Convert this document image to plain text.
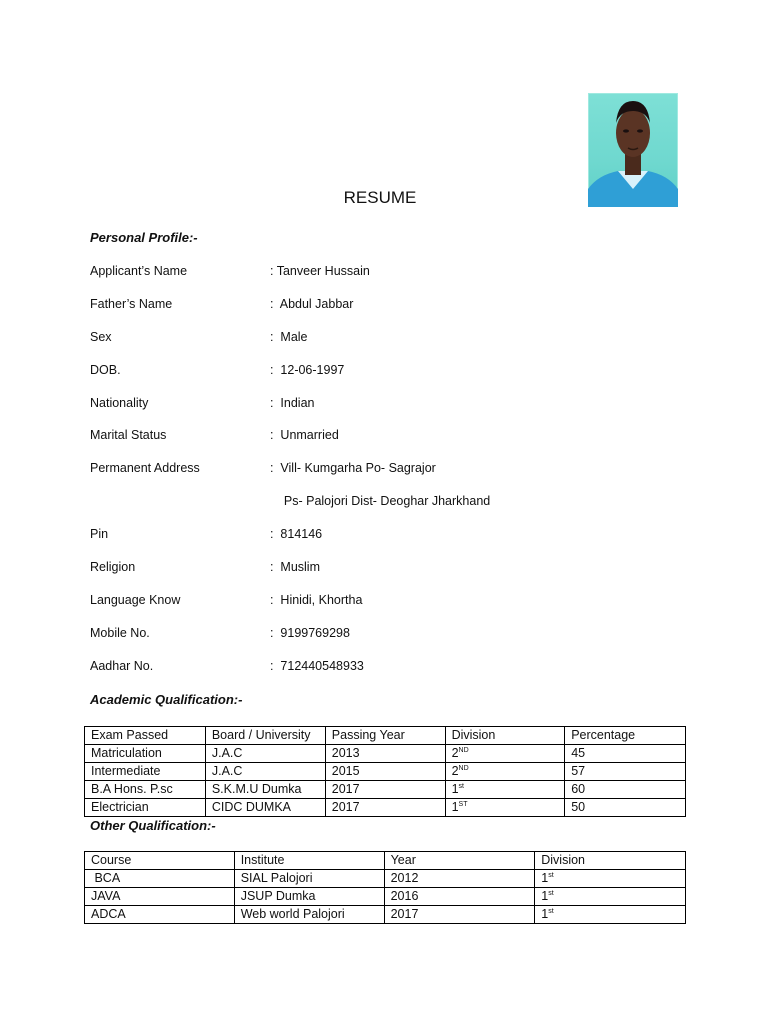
RESUME
Personal Profile:-
Applicant’s Name	: Tanveer Hussain
Father’s Name	:  Abdul Jabbar
Sex	:  Male
DOB.	:  12-06-1997
Nationality	:  Indian
Marital Status	:  Unmarried
Permanent Address	:  Vill- Kumgarha Po- Sagrajor
Ps- Palojori Dist- Deoghar Jharkhand
Pin	:  814146
Religion	:  Muslim
Language Know	:  Hinidi, Khortha
Mobile No.	:  9199769298
Aadhar No.	:  712440548933
Academic Qualification:-
Exam Passed	Board / University	Passing Year	Division	Percentage
Matriculation	J.A.C	2013	2ND	45
Intermediate	J.A.C	2015	2ND	57
B.A Hons. P.sc	S.K.M.U Dumka	2017	1st	60
Electrician	CIDC DUMKA	2017	1ST	50
Other Qualification:-
Course	Institute	Year	Division
BCA	SIAL Palojori	2012	1st
JAVA	JSUP Dumka	2016	1st
ADCA	Web world Palojori	2017	1st
